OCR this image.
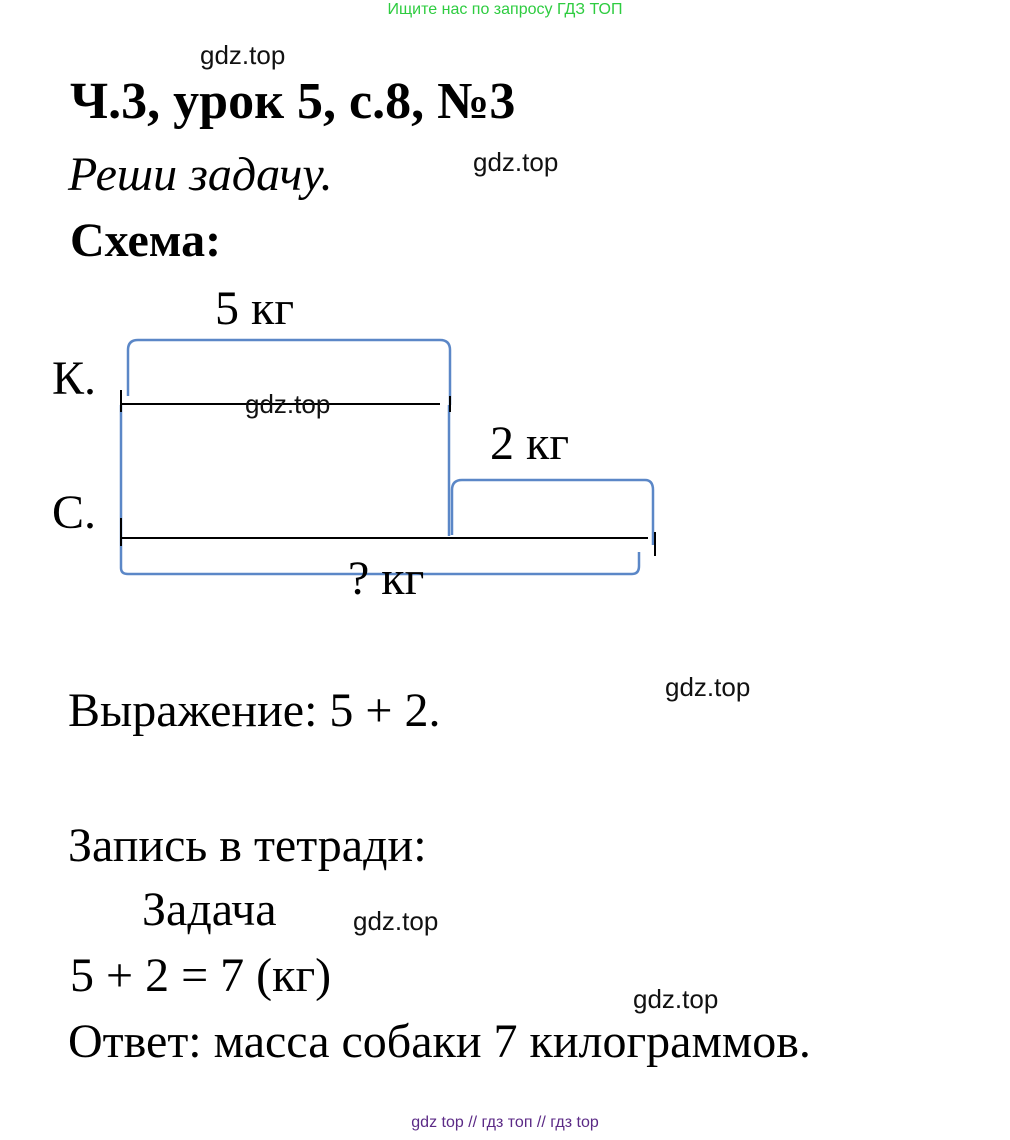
Ищите нас по запросу ГДЗ ТОП
gdz.top
gdz.top
gdz.top
gdz.top
gdz.top
Ч.3, урок 5, с.8, №3
Реши задачу.
Схема:
5 кг
К.	gdz.top
2 кг
С.
? кг
Выражение: 5 + 2.
Запись в тетради:
Задача
5 + 2 = 7 (кг)
Ответ: масса собаки 7 килограммов.
gdz top // гдз топ // гдз top
